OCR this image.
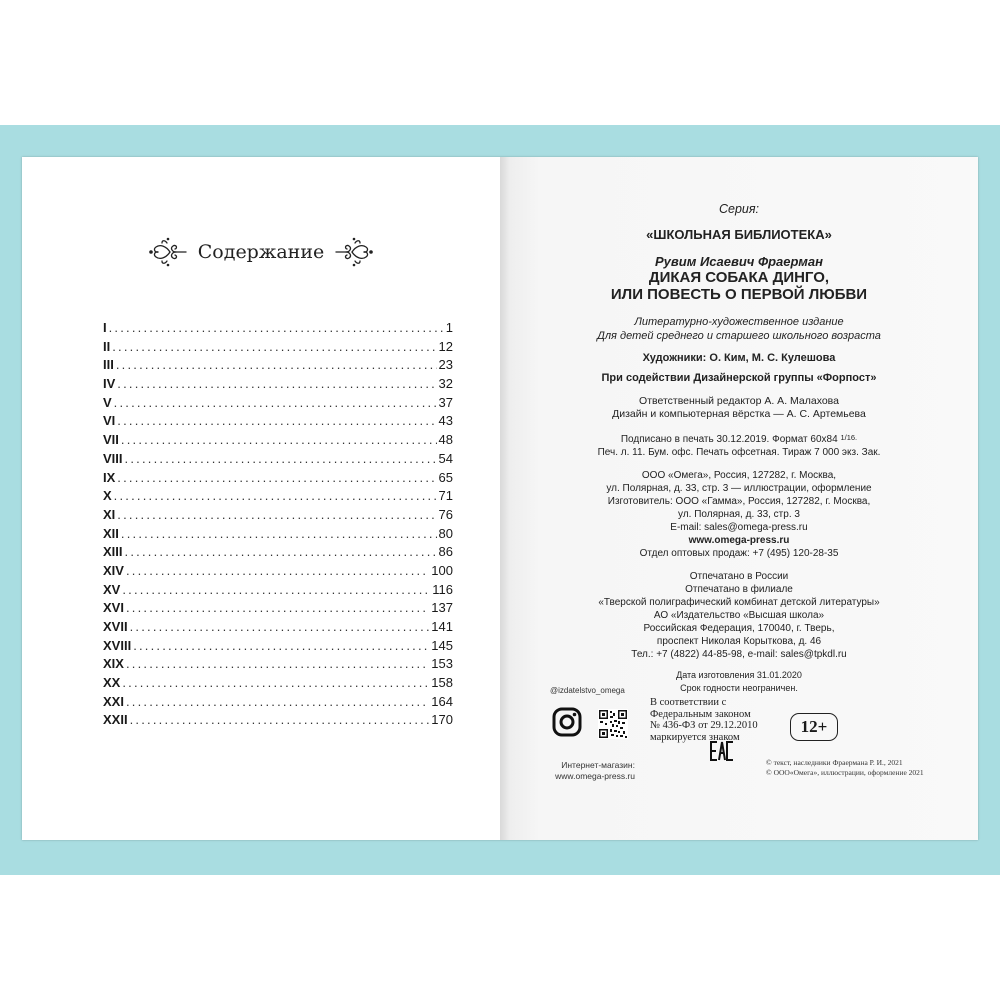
Содержание
I .....	1
II .....	12
III .....	23
IV .....	32
V .....	37
VI .....	43
VII .....	48
VIII .....	54
IX .....	65
X .....	71
XI .....	76
XII .....	80
XIII .....	86
XIV .....	100
XV .....	116
XVI .....	137
XVII .....	141
XVIII .....	145
XIX .....	153
XX .....	158
XXI .....	164
XXII .....	170
Серия:
«ШКОЛЬНАЯ БИБЛИОТЕКА»
Рувим Исаевич Фраерман
ДИКАЯ СОБАКА ДИНГО,
ИЛИ ПОВЕСТЬ О ПЕРВОЙ ЛЮБВИ
Литературно-художественное издание
Для детей среднего и старшего школьного возраста
Художники: О. Ким, М. С. Кулешова
При содействии Дизайнерской группы «Форпост»
Ответственный редактор А. А. Малахова
Дизайн и компьютерная вёрстка — А. С. Артемьева
Подписано в печать 30.12.2019. Формат 60х84 $^{1/16.}$
Печ. л. 11. Бум. офс. Печать офсетная. Тираж 7 000 экз. Зак.
ООО «Омега», Россия, 127282, г. Москва,
ул. Полярная, д. 33, стр. 3 — иллюстрации, оформление
Изготовитель: ООО «Гамма», Россия, 127282, г. Москва,
ул. Полярная, д. 33, стр. 3
E-mail: sales@omega-press.ru
www.omega-press.ru
Отдел оптовых продаж: +7 (495) 120-28-35
Отпечатано в России
Отпечатано в филиале
«Тверской полиграфический комбинат детской литературы»
АО «Издательство «Высшая школа»
Российская Федерация, 170040, г. Тверь,
проспект Николая Корыткова, д. 46
Тел.: +7 (4822) 44-85-98, e-mail: sales@tpkdl.ru
Дата изготовления 31.01.2020
Срок годности неограничен.
@izdatelstvo_omega
В соответствии с Федеральным законом
№ 436-ФЗ от 29.12.2010
маркируется знаком
12+
Интернет-магазин:
www.omega-press.ru
© текст, наследники Фраермана Р. И., 2021
© ООО«Омега», иллюстрации, оформление 2021
